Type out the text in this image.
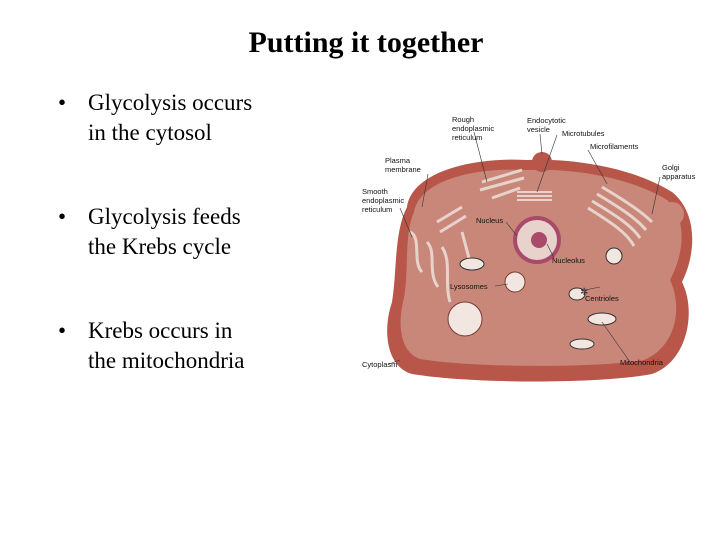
Putting it together
• Glycolysis occurs
in the cytosol
• Glycolysis feeds
the Krebs cycle
• Krebs occurs in
the mitochondria
✲
Rough
endoplasmic
reticulum
Endocytotic
vesicle Microtubules
Microfilaments
Plasma
membrane	Golgi
apparatus
Smooth
endoplasmic
reticulum
Nucleus
Nucleolus
Lysosomes
Centrioles
Cytoplasm	Mitochondria
